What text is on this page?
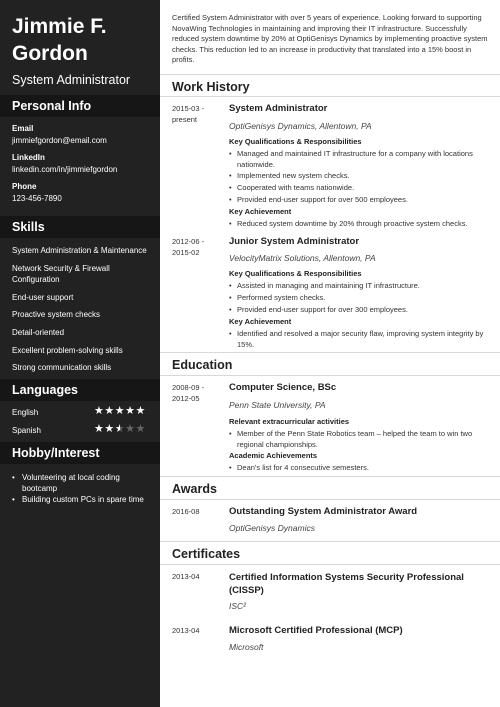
Jimmie F. Gordon
System Administrator
Personal Info
Email
jimmiefgordon@email.com
LinkedIn
linkedin.com/in/jimmiefgordon
Phone
123-456-7890
Skills
System Administration & Maintenance
Network Security & Firewall Configuration
End-user support
Proactive system checks
Detail-oriented
Excellent problem-solving skills
Strong communication skills
Languages
English	★★★★★
Spanish	★★★★★
Hobby/Interest
• Volunteering at local coding bootcamp
• Building custom PCs in spare time
Certified System Administrator with over 5 years of experience. Looking forward to supporting NovaWing Technologies in maintaining and improving their IT infrastructure. Successfully reduced system downtime by 20% at OptiGenisys Dynamics by implementing proactive system checks. This reduction led to an increase in productivity that translated into a 15% boost in profits.
Work History
2015-03 - present
System Administrator
OptiGenisys Dynamics, Allentown, PA
Key Qualifications & Responsibilities
• Managed and maintained IT infrastructure for a company with locations nationwide.
• Implemented new system checks.
• Cooperated with teams nationwide.
• Provided end-user support for over 500 employees.
Key Achievement
• Reduced system downtime by 20% through proactive system checks.
2012-06 - 2015-02
Junior System Administrator
VelocityMatrix Solutions, Allentown, PA
Key Qualifications & Responsibilities
• Assisted in managing and maintaining IT infrastructure.
• Performed system checks.
• Provided end-user support for over 300 employees.
Key Achievement
• Identified and resolved a major security flaw, improving system integrity by 15%.
Education
2008-09 - 2012-05
Computer Science, BSc
Penn State University, PA
Relevant extracurricular activities
• Member of the Penn State Robotics team – helped the team to win two regional championships.
Academic Achievements
• Dean's list for 4 consecutive semesters.
Awards
2016-08	Outstanding System Administrator Award
OptiGenisys Dynamics
Certificates
2013-04	Certified Information Systems Security Professional (CISSP)
ISC²
2013-04	Microsoft Certified Professional (MCP)
Microsoft
